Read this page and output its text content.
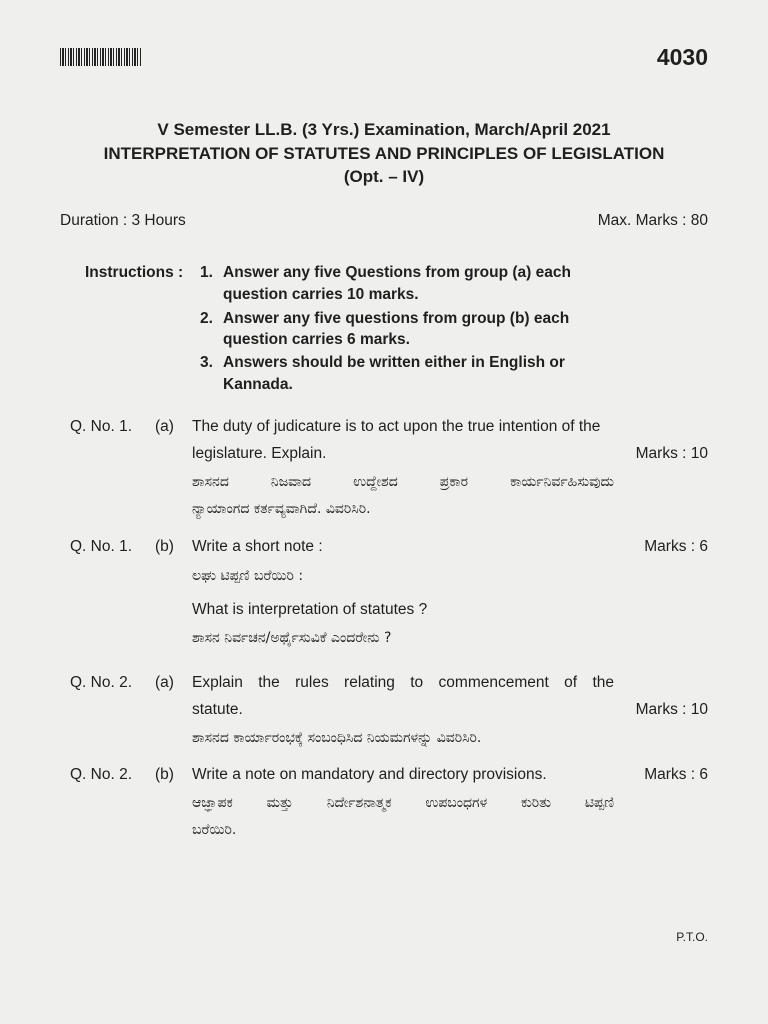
4030
V Semester LL.B. (3 Yrs.) Examination, March/April 2021
INTERPRETATION OF STATUTES AND PRINCIPLES OF LEGISLATION
(Opt. – IV)
Duration : 3 Hours	Max. Marks : 80
Instructions : 1. Answer any five Questions from group (a) each
question carries 10 marks.
2. Answer any five questions from group (b) each
question carries 6 marks.
3. Answers should be written either in English or
Kannada.
Q. No. 1. (a) The duty of judicature is to act upon the true intention of the
legislature. Explain.	Marks : 10
ಶಾಸನದ ನಿಜವಾದ ಉದ್ದೇಶದ ಪ್ರಕಾರ ಕಾರ್ಯನಿರ್ವಹಿಸುವುದು
ನ್ಯಾಯಾಂಗದ ಕರ್ತವ್ಯವಾಗಿದೆ. ವಿವರಿಸಿರಿ.
Q. No. 1. (b) Write a short note :	Marks : 6
ಲಘು ಟಿಪ್ಪಣಿ ಬರೆಯಿರಿ :
What is interpretation of statutes ?
ಶಾಸನ ನಿರ್ವಚನ/ಅರ್ಥೈಸುವಿಕೆ ಎಂದರೇನು ?
Q. No. 2. (a) Explain the rules relating to commencement of the
statute.	Marks : 10
ಶಾಸನದ ಕಾರ್ಯಾರಂಭಕ್ಕೆ ಸಂಬಂಧಿಸಿದ ನಿಯಮಗಳನ್ನು ವಿವರಿಸಿರಿ.
Q. No. 2. (b) Write a note on mandatory and directory provisions.	Marks : 6
ಆಜ್ಞಾಪಕ ಮತ್ತು ನಿರ್ದೇಶನಾತ್ಮಕ ಉಪಬಂಧಗಳ ಕುರಿತು ಟಿಪ್ಪಣಿ
ಬರೆಯಿರಿ.
P.T.O.
